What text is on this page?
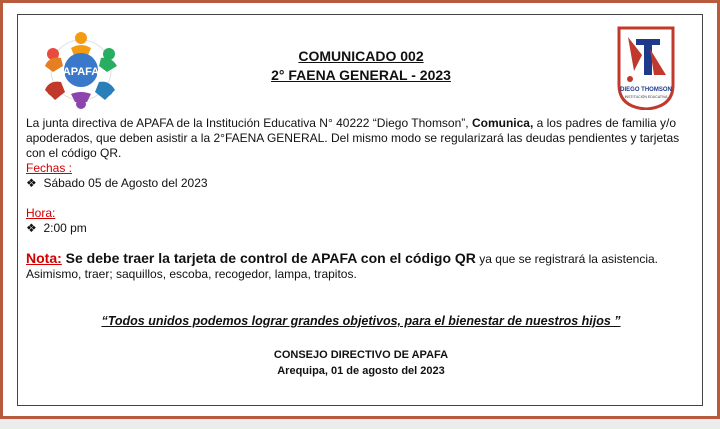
APAFA
DIEGO THOMSON
INSTITUCIÓN EDUCATIVA
COMUNICADO 002
2° FAENA GENERAL - 2023

La junta directiva de APAFA de la Institución Educativa N° 40222 “Diego Thomson”, Comunica, a los padres de familia y/o apoderados, que deben asistir a la 2°FAENA GENERAL. Del mismo modo se regularizará las deudas pendientes y tarjetas con el código QR.

Fechas :
❖ Sábado 05 de Agosto del 2023
Hora:
❖ 2:00 pm

Nota: Se debe traer la tarjeta de control de APAFA con el código QR ya que se registrará la asistencia. Asimismo, traer; saquillos, escoba, recogedor, lampa, trapitos.

“Todos unidos podemos lograr grandes objetivos, para el bienestar de nuestros hijos ”
CONSEJO DIRECTIVO DE APAFA
Arequipa, 01 de agosto del 2023
